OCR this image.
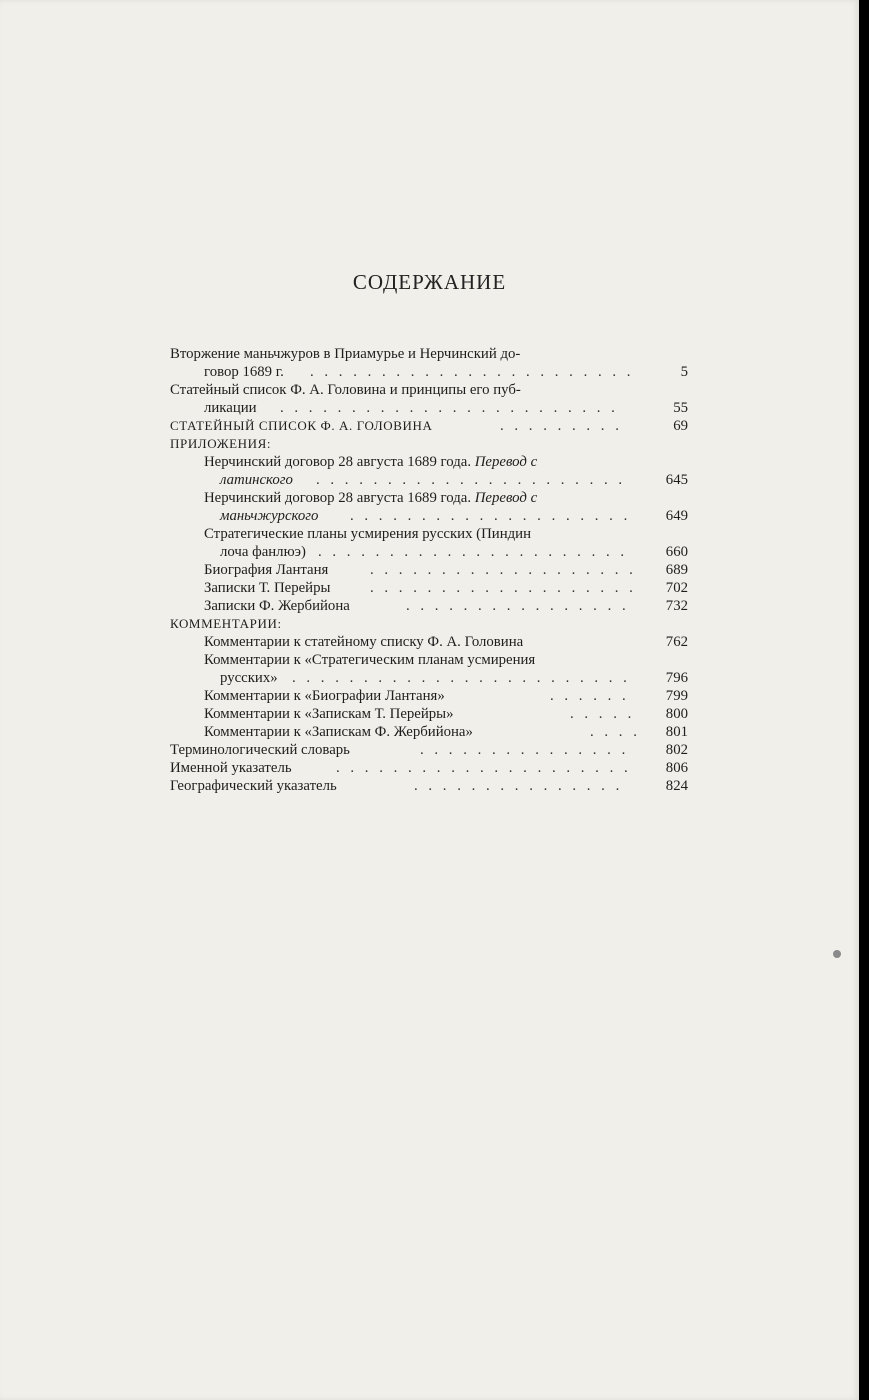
СОДЕРЖАНИЕ
Вторжение маньчжуров в Приамурье и Нерчинский до-
говор 1689 г. . . . . . . . . . . . . . . . . . . . . . . .	5
Статейный список Ф. А. Головина и принципы его пуб-
ликации . . . . . . . . . . . . . . . . . . . . . . . .	55
СТАТЕЙНЫЙ СПИСОК Ф. А. ГОЛОВИНА	. . . . . . . . .	69
ПРИЛОЖЕНИЯ:
Нерчинский договор 28 августа 1689 года. Перевод с
латинского . . . . . . . . . . . . . . . . . . . . . .	645
Нерчинский договор 28 августа 1689 года. Перевод с
маньчжурского . . . . . . . . . . . . . . . . . . . .	649
Стратегические планы усмирения русских (Пиндин
лоча фанлюэ) . . . . . . . . . . . . . . . . . . . . . .	660
Биография Лантаня	. . . . . . . . . . . . . . . . . . .	689
Записки Т. Перейры	. . . . . . . . . . . . . . . . . . .	702
Записки Ф. Жербийона	. . . . . . . . . . . . . . . .	732
КОММЕНТАРИИ:
Комментарии к статейному списку Ф. А. Головина	762
Комментарии к «Стратегическим планам усмирения
русских» . . . . . . . . . . . . . . . . . . . . . . . .	796
Комментарии к «Биографии Лантаня»	. . . . . .	799
Комментарии к «Запискам Т. Перейры»	. . . . .	800
Комментарии к «Запискам Ф. Жербийона»	. . . .	801
Терминологический словарь	. . . . . . . . . . . . . . .	802
Именной указатель	. . . . . . . . . . . . . . . . . . . . .	806
Географический указатель	. . . . . . . . . . . . . . .	824
